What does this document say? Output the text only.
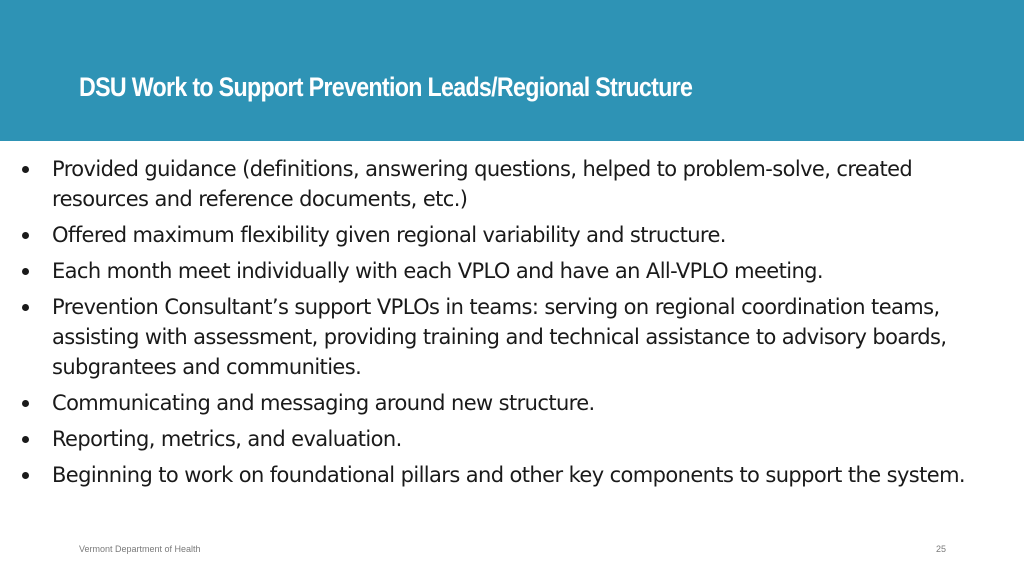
DSU Work to Support Prevention Leads/Regional Structure
Provided guidance (definitions, answering questions, helped to problem-solve, created resources and reference documents, etc.)
Offered maximum flexibility given regional variability and structure.
Each month meet individually with each VPLO and have an All-VPLO meeting.
Prevention Consultant’s support VPLOs in teams: serving on regional coordination teams, assisting with assessment, providing training and technical assistance to advisory boards, subgrantees and communities.
Communicating and messaging around new structure.
Reporting, metrics, and evaluation.
Beginning to work on foundational pillars and other key components to support the system.
Vermont Department of Health	25
